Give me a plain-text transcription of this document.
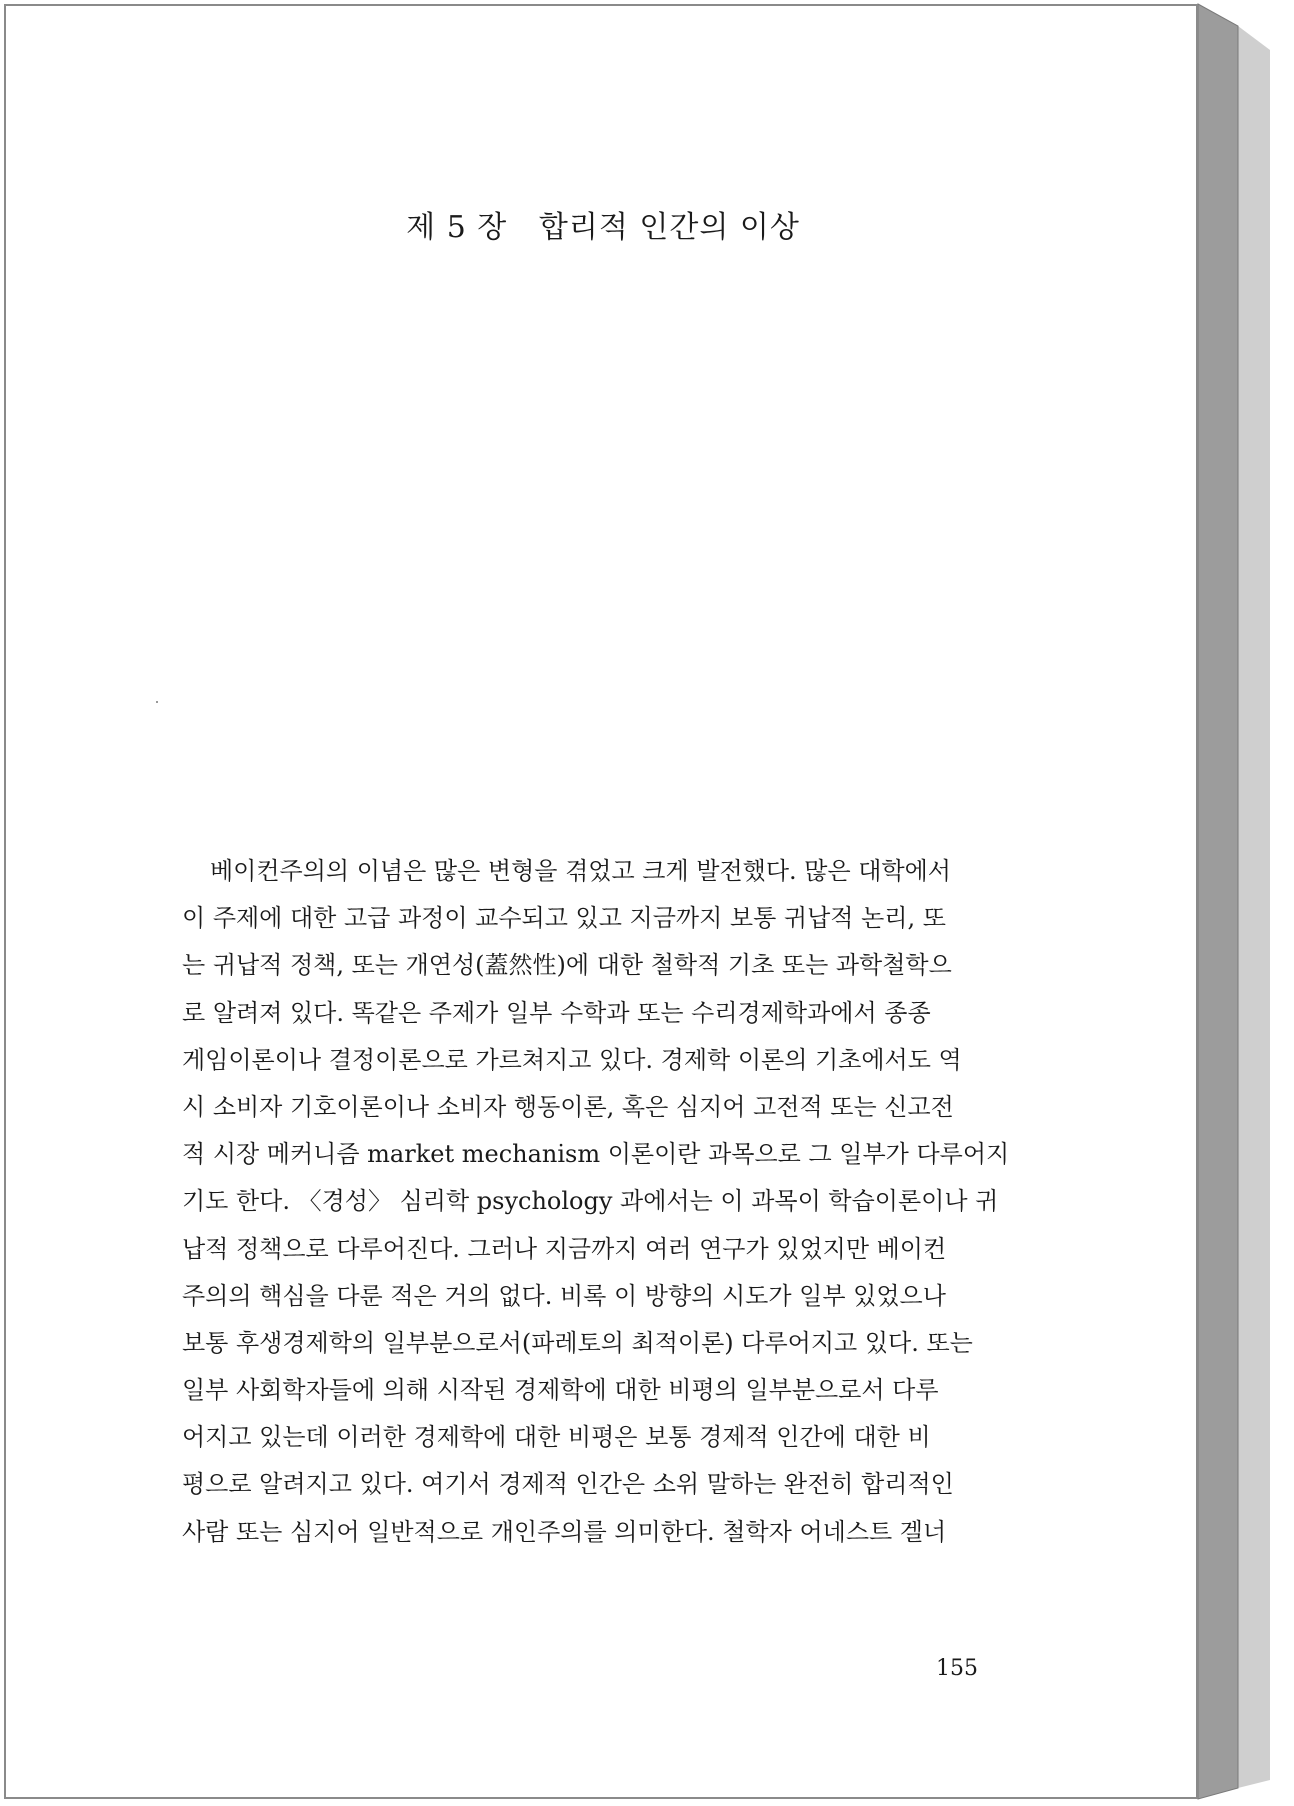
제 5 장   합리적 인간의 이상
베이컨주의의 이념은 많은 변형을 겪었고 크게 발전했다. 많은 대학에서
이 주제에 대한 고급 과정이 교수되고 있고 지금까지 보통 귀납적 논리, 또
는 귀납적 정책, 또는 개연성(蓋然性)에 대한 철학적 기초 또는 과학철학으
로 알려져 있다. 똑같은 주제가 일부 수학과 또는 수리경제학과에서 종종
게임이론이나 결정이론으로 가르쳐지고 있다. 경제학 이론의 기초에서도 역
시 소비자 기호이론이나 소비자 행동이론, 혹은 심지어 고전적 또는 신고전
적 시장 메커니즘 market mechanism 이론이란 과목으로 그 일부가 다루어지
기도 한다. 〈경성〉 심리학 psychology 과에서는 이 과목이 학습이론이나 귀
납적 정책으로 다루어진다. 그러나 지금까지 여러 연구가 있었지만 베이컨
주의의 핵심을 다룬 적은 거의 없다. 비록 이 방향의 시도가 일부 있었으나
보통 후생경제학의 일부분으로서(파레토의 최적이론) 다루어지고 있다. 또는
일부 사회학자들에 의해 시작된 경제학에 대한 비평의 일부분으로서 다루
어지고 있는데 이러한 경제학에 대한 비평은 보통 경제적 인간에 대한 비
평으로 알려지고 있다. 여기서 경제적 인간은 소위 말하는 완전히 합리적인
사람 또는 심지어 일반적으로 개인주의를 의미한다. 철학자 어네스트 겔너
155
